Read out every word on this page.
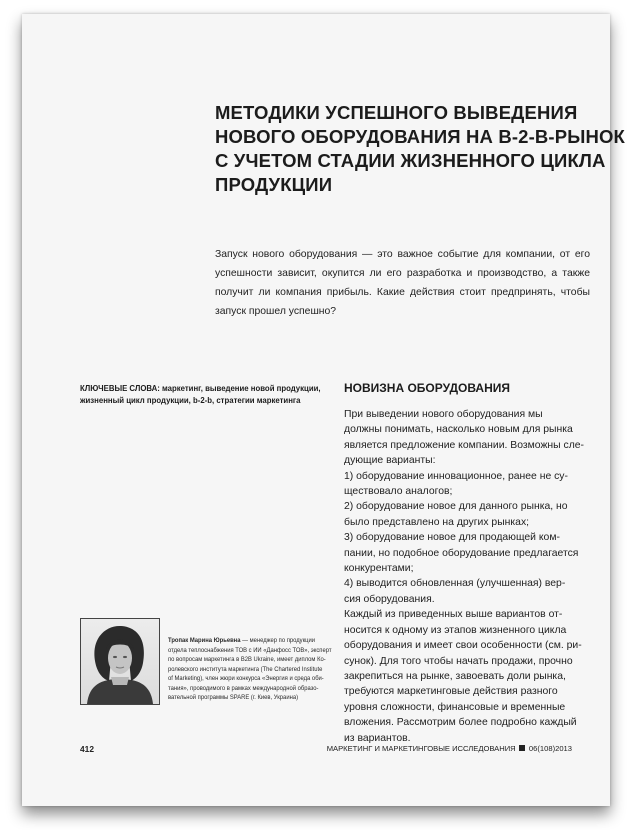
МЕТОДИКИ УСПЕШНОГО ВЫВЕДЕНИЯ
НОВОГО ОБОРУДОВАНИЯ НА B-2-B-РЫНОК
С УЧЕТОМ СТАДИИ ЖИЗНЕННОГО ЦИКЛА
ПРОДУКЦИИ

Запуск нового оборудования — это важное событие для компании, от его успешности зависит, окупится ли его разработка и производство, а также получит ли компания прибыль. Какие действия стоит предпринять, чтобы запуск прошел успешно?

КЛЮЧЕВЫЕ СЛОВА: маркетинг, выведение новой продукции, жизненный цикл продукции, b-2-b, стратегии маркетинга
НОВИЗНА ОБОРУДОВАНИЯ
При выведении нового оборудования мы
должны понимать, насколько новым для рынка
является предложение компании. Возможны сле-
дующие варианты:
1) оборудование инновационное, ранее не су-
ществовало аналогов;
2) оборудование новое для данного рынка, но
было представлено на других рынках;
3) оборудование новое для продающей ком-
пании, но подобное оборудование предлагается
конкурентами;
4) выводится обновленная (улучшенная) вер-
сия оборудования.
Каждый из приведенных выше вариантов от-
носится к одному из этапов жизненного цикла
оборудования и имеет свои особенности (см. ри-
сунок). Для того чтобы начать продажи, прочно
закрепиться на рынке, завоевать доли рынка,
требуются маркетинговые действия разного
уровня сложности, финансовые и временные
вложения. Рассмотрим более подробно каждый
из вариантов.
Тропак Марина Юрьевна — менеджер по продукции
отдела теплоснабжения ТОВ с ИИ «Данфосс ТОВ», эксперт
по вопросам маркетинга в B2B Ukraine, имеет диплом Ко-
ролевского института маркетинга (The Chartered Institute
of Marketing), член жюри конкурса «Энергия и среда оби-
тания», проводимого в рамках международной образо-
вательной программы SPARE (г. Киев, Украина)
412	МАРКЕТИНГ И МАРКЕТИНГОВЫЕ ИССЛЕДОВАНИЯ 06(108)2013
